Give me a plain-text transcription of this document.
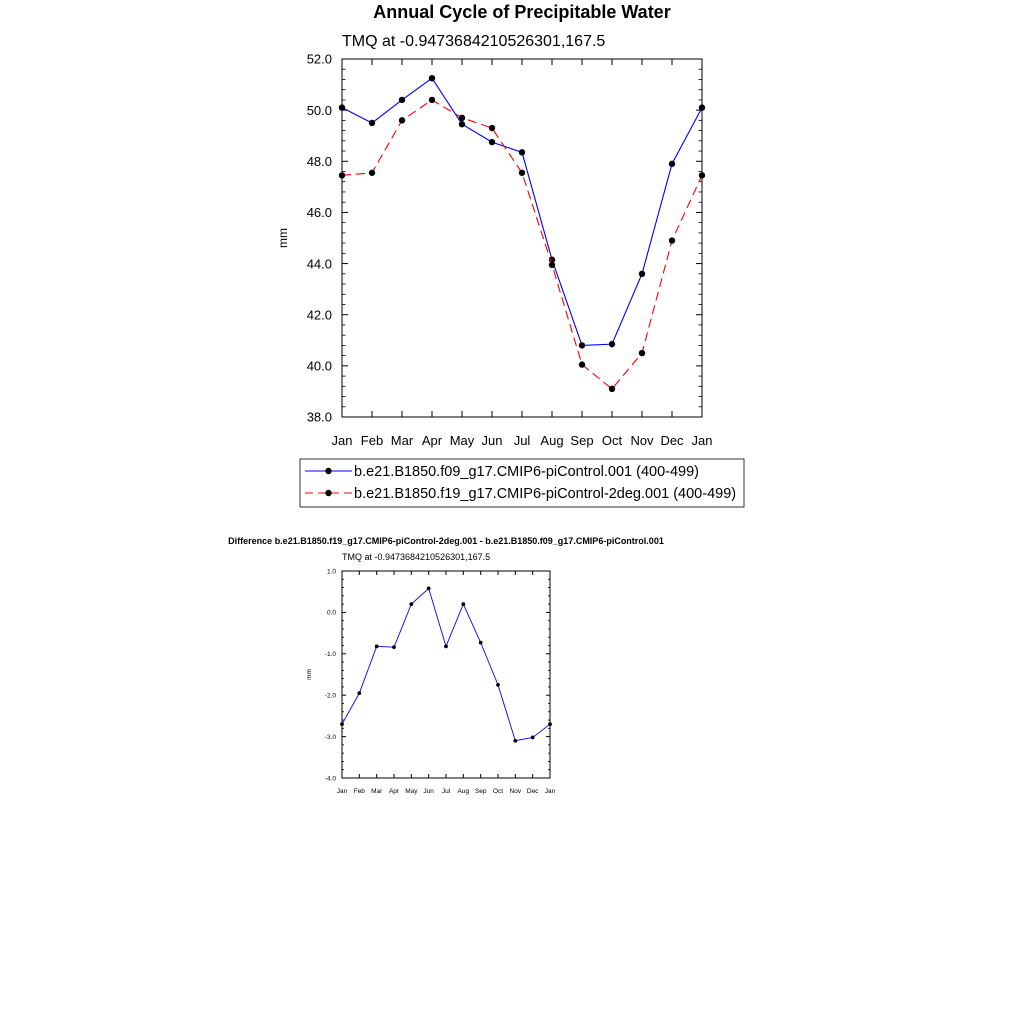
Annual Cycle of Precipitable Water
TMQ at -0.9473684210526301,167.5
Jan Feb Mar Apr May Jun Jul Aug Sep Oct Nov Dec Jan
38.0
40.0
42.0
44.0
46.0
48.0
50.0
52.0
mm
b.e21.B1850.f09_g17.CMIP6-piControl.001 (400-499)
b.e21.B1850.f19_g17.CMIP6-piControl-2deg.001 (400-499)
Difference b.e21.B1850.f19_g17.CMIP6-piControl-2deg.001 - b.e21.B1850.f09_g17.CMIP6-piControl.001
TMQ at -0.9473684210526301,167.5
Jan Feb Mar Apr May Jun Jul Aug Sep Oct Nov Dec Jan
-4.0
-3.0
-2.0
-1.0
0.0
1.0
mm
